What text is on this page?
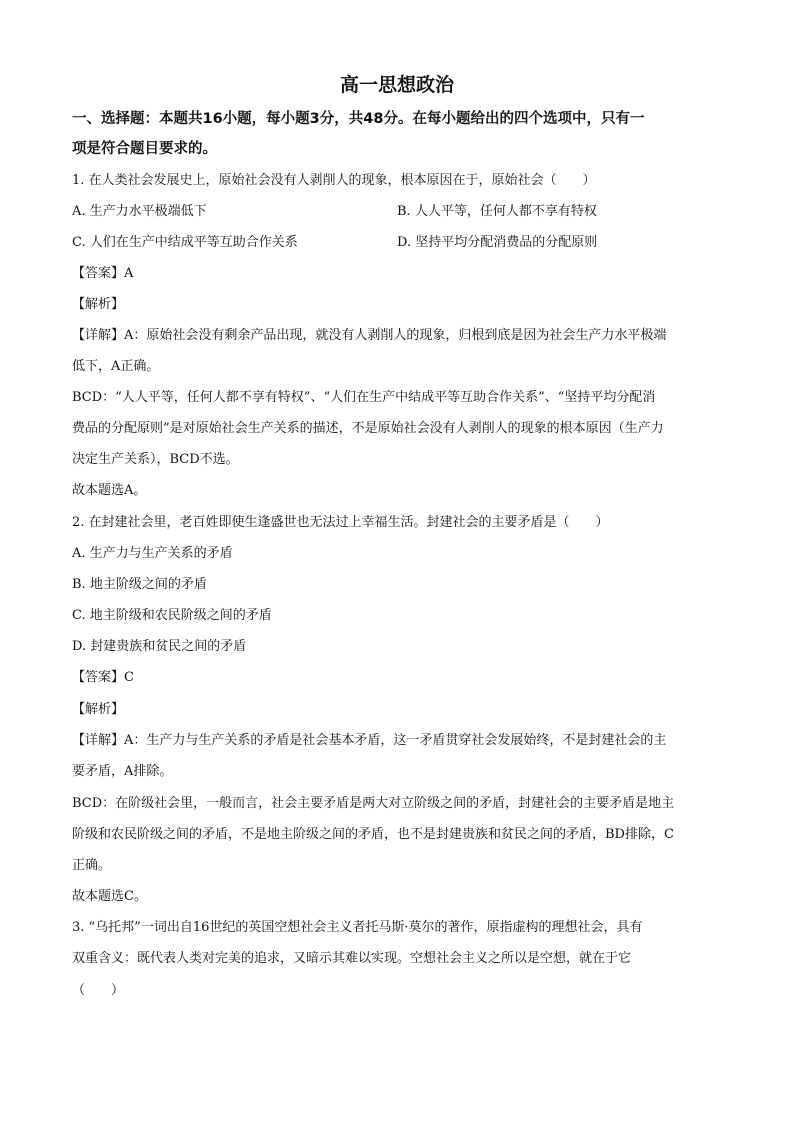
高一思想政治
一、选择题：本题共16小题，每小题3分，共48分。在每小题给出的四个选项中，只有一
项是符合题目要求的。
1. 在人类社会发展史上，原始社会没有人剥削人的现象，根本原因在于，原始社会（　　）
A. 生产力水平极端低下	B. 人人平等，任何人都不享有特权
C. 人们在生产中结成平等互助合作关系	D. 坚持平均分配消费品的分配原则
【答案】A
【解析】
【详解】A：原始社会没有剩余产品出现，就没有人剥削人的现象，归根到底是因为社会生产力水平极端
低下，A正确。
BCD：“人人平等，任何人都不享有特权”、“人们在生产中结成平等互助合作关系”、“坚持平均分配消
费品的分配原则”是对原始社会生产关系的描述，不是原始社会没有人剥削人的现象的根本原因（生产力
决定生产关系），BCD不选。
故本题选A。
2. 在封建社会里，老百姓即使生逢盛世也无法过上幸福生活。封建社会的主要矛盾是（　　）
A. 生产力与生产关系的矛盾
B. 地主阶级之间的矛盾
C. 地主阶级和农民阶级之间的矛盾
D. 封建贵族和贫民之间的矛盾
【答案】C
【解析】
【详解】A：生产力与生产关系的矛盾是社会基本矛盾，这一矛盾贯穿社会发展始终，不是封建社会的主
要矛盾，A排除。
BCD：在阶级社会里，一般而言，社会主要矛盾是两大对立阶级之间的矛盾，封建社会的主要矛盾是地主
阶级和农民阶级之间的矛盾，不是地主阶级之间的矛盾，也不是封建贵族和贫民之间的矛盾，BD排除，C
正确。
故本题选C。
3. “乌托邦”一词出自16世纪的英国空想社会主义者托马斯·莫尔的著作，原指虚构的理想社会，具有
双重含义：既代表人类对完美的追求，又暗示其难以实现。空想社会主义之所以是空想，就在于它
（　　）
